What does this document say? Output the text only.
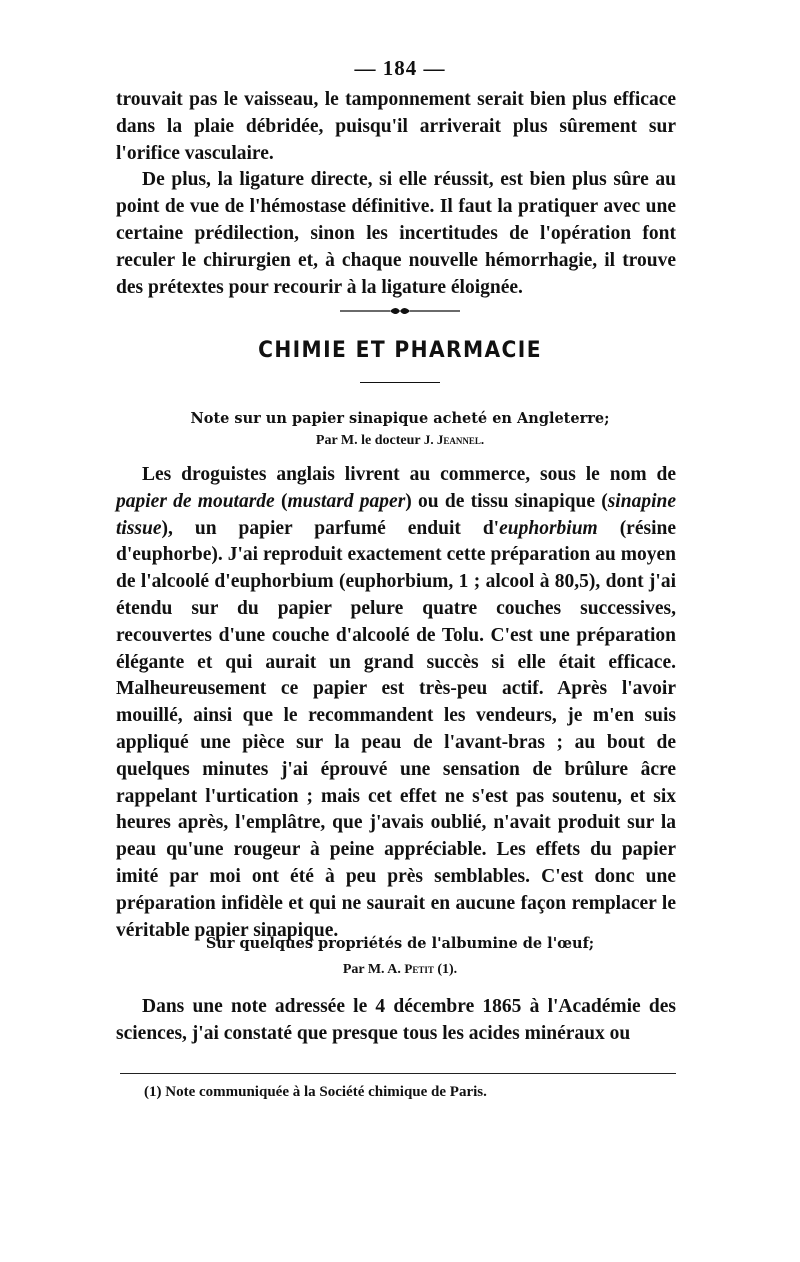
— 184 —

trouvait pas le vaisseau, le tamponnement serait bien plus efficace dans la plaie débridée, puisqu'il arriverait plus sûrement sur l'orifice vasculaire.

De plus, la ligature directe, si elle réussit, est bien plus sûre au point de vue de l'hémostase définitive. Il faut la pratiquer avec une certaine prédilection, sinon les incertitudes de l'opération font reculer le chirurgien et, à chaque nouvelle hémorrhagie, il trouve des prétextes pour recourir à la ligature éloignée.

CHIMIE ET PHARMACIE
Note sur un papier sinapique acheté en Angleterre;
Par M. le docteur J. Jeannel.

Les droguistes anglais livrent au commerce, sous le nom de papier de moutarde (mustard paper) ou de tissu sinapique (sinapine tissue), un papier parfumé enduit d'euphorbium (résine d'euphorbe). J'ai reproduit exactement cette préparation au moyen de l'alcoolé d'euphorbium (euphorbium, 1 ; alcool à 80,5), dont j'ai étendu sur du papier pelure quatre couches successives, recouvertes d'une couche d'alcoolé de Tolu. C'est une préparation élégante et qui aurait un grand succès si elle était efficace. Malheureusement ce papier est très-peu actif. Après l'avoir mouillé, ainsi que le recommandent les vendeurs, je m'en suis appliqué une pièce sur la peau de l'avant-bras ; au bout de quelques minutes j'ai éprouvé une sensation de brûlure âcre rappelant l'urtication ; mais cet effet ne s'est pas soutenu, et six heures après, l'emplâtre, que j'avais oublié, n'avait produit sur la peau qu'une rougeur à peine appréciable. Les effets du papier imité par moi ont été à peu près semblables. C'est donc une préparation infidèle et qui ne saurait en aucune façon remplacer le véritable papier sinapique.

Sur quelques propriétés de l'albumine de l'œuf;
Par M. A. Petit (1).

Dans une note adressée le 4 décembre 1865 à l'Académie des sciences, j'ai constaté que presque tous les acides minéraux ou

(1) Note communiquée à la Société chimique de Paris.
